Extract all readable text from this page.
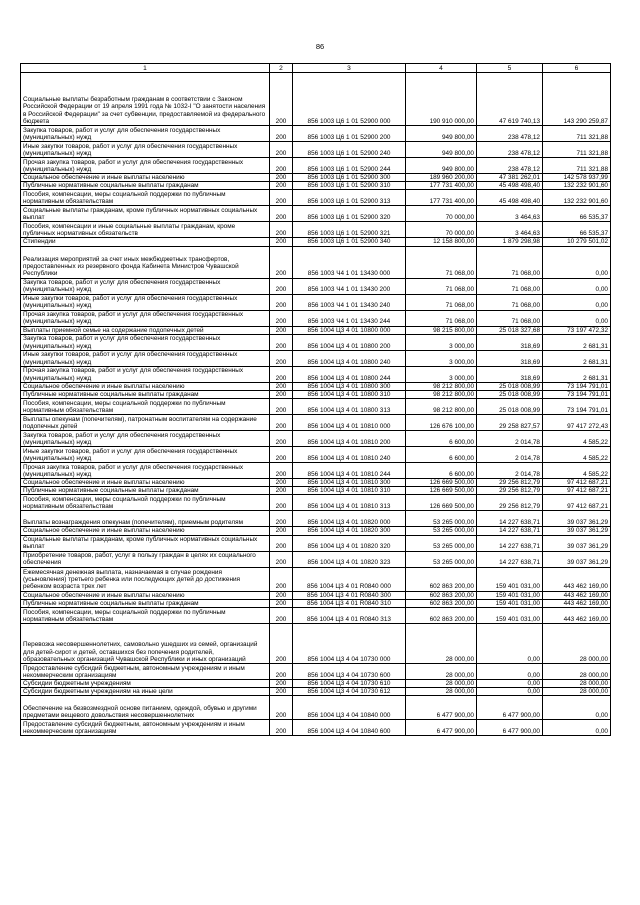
86
1	2	3	4	5	6
Социальные выплаты безработным гражданам в соответствии с Законом Российской Федерации от 19 апреля 1991 года № 1032-I "О занятости населения в Российской Федерации" за счет субвенции, предоставляемой из федерального бюджета	200	856 1003 Ц6 1 01 52900 000	190 910 000,00	47 619 740,13	143 290 259,87
Закупка товаров, работ и услуг для обеспечения государственных (муниципальных) нужд	200	856 1003 Ц6 1 01 52900 200	949 800,00	238 478,12	711 321,88
Иные закупки товаров, работ и услуг для обеспечения государственных (муниципальных) нужд	200	856 1003 Ц6 1 01 52900 240	949 800,00	238 478,12	711 321,88
Прочая закупка товаров, работ и услуг для обеспечения государственных (муниципальных) нужд	200	856 1003 Ц6 1 01 52900 244	949 800,00	238 478,12	711 321,88
Социальное обеспечение и иные выплаты населению	200	856 1003 Ц6 1 01 52900 300	189 960 200,00	47 381 262,01	142 578 937,99
Публичные нормативные социальные выплаты гражданам	200	856 1003 Ц6 1 01 52900 310	177 731 400,00	45 498 498,40	132 232 901,60
Пособия, компенсации, меры социальной поддержки по публичным нормативным обязательствам	200	856 1003 Ц6 1 01 52900 313	177 731 400,00	45 498 498,40	132 232 901,60
Социальные выплаты гражданам, кроме публичных нормативных социальных выплат	200	856 1003 Ц6 1 01 52900 320	70 000,00	3 464,63	66 535,37
Пособия, компенсации и иные социальные выплаты гражданам, кроме публичных нормативных обязательств	200	856 1003 Ц6 1 01 52900 321	70 000,00	3 464,63	66 535,37
Стипендии	200	856 1003 Ц6 1 01 52900 340	12 158 800,00	1 879 298,98	10 279 501,02
Реализация мероприятий за счет иных межбюджетных трансфертов, предоставленных из резервного фонда Кабинета Министров Чувашской Республики	200	856 1003 Ч4 1 01 13430 000	71 068,00	71 068,00	0,00
Закупка товаров, работ и услуг для обеспечения государственных (муниципальных) нужд	200	856 1003 Ч4 1 01 13430 200	71 068,00	71 068,00	0,00
Иные закупки товаров, работ и услуг для обеспечения государственных (муниципальных) нужд	200	856 1003 Ч4 1 01 13430 240	71 068,00	71 068,00	0,00
Прочая закупка товаров, работ и услуг для обеспечения государственных (муниципальных) нужд	200	856 1003 Ч4 1 01 13430 244	71 068,00	71 068,00	0,00
Выплаты приемной семье на содержание подопечных детей	200	856 1004 Ц3 4 01 10800 000	98 215 800,00	25 018 327,68	73 197 472,32
Закупка товаров, работ и услуг для обеспечения государственных (муниципальных) нужд	200	856 1004 Ц3 4 01 10800 200	3 000,00	318,69	2 681,31
Иные закупки товаров, работ и услуг для обеспечения государственных (муниципальных) нужд	200	856 1004 Ц3 4 01 10800 240	3 000,00	318,69	2 681,31
Прочая закупка товаров, работ и услуг для обеспечения государственных (муниципальных) нужд	200	856 1004 Ц3 4 01 10800 244	3 000,00	318,69	2 681,31
Социальное обеспечение и иные выплаты населению	200	856 1004 Ц3 4 01 10800 300	98 212 800,00	25 018 008,99	73 194 791,01
Публичные нормативные социальные выплаты гражданам	200	856 1004 Ц3 4 01 10800 310	98 212 800,00	25 018 008,99	73 194 791,01
Пособия, компенсации, меры социальной поддержки по публичным нормативным обязательствам	200	856 1004 Ц3 4 01 10800 313	98 212 800,00	25 018 008,99	73 194 791,01
Выплаты опекунам (попечителям), патронатным воспитателям на содержание подопечных детей	200	856 1004 Ц3 4 01 10810 000	126 676 100,00	29 258 827,57	97 417 272,43
Закупка товаров, работ и услуг для обеспечения государственных (муниципальных) нужд	200	856 1004 Ц3 4 01 10810 200	6 600,00	2 014,78	4 585,22
Иные закупки товаров, работ и услуг для обеспечения государственных (муниципальных) нужд	200	856 1004 Ц3 4 01 10810 240	6 600,00	2 014,78	4 585,22
Прочая закупка товаров, работ и услуг для обеспечения государственных (муниципальных) нужд	200	856 1004 Ц3 4 01 10810 244	6 600,00	2 014,78	4 585,22
Социальное обеспечение и иные выплаты населению	200	856 1004 Ц3 4 01 10810 300	126 669 500,00	29 256 812,79	97 412 687,21
Публичные нормативные социальные выплаты гражданам	200	856 1004 Ц3 4 01 10810 310	126 669 500,00	29 256 812,79	97 412 687,21
Пособия, компенсации, меры социальной поддержки по публичным нормативным обязательствам	200	856 1004 Ц3 4 01 10810 313	126 669 500,00	29 256 812,79	97 412 687,21
Выплаты вознаграждения опекунам (попечителям), приемным родителям	200	856 1004 Ц3 4 01 10820 000	53 265 000,00	14 227 638,71	39 037 361,29
Социальное обеспечение и иные выплаты населению	200	856 1004 Ц3 4 01 10820 300	53 265 000,00	14 227 638,71	39 037 361,29
Социальные выплаты гражданам, кроме публичных нормативных социальных выплат	200	856 1004 Ц3 4 01 10820 320	53 265 000,00	14 227 638,71	39 037 361,29
Приобретение товаров, работ, услуг в пользу граждан в целях их социального обеспечения	200	856 1004 Ц3 4 01 10820 323	53 265 000,00	14 227 638,71	39 037 361,29
Ежемесячная денежная выплата, назначаемая в случае рождения (усыновления) третьего ребенка или последующих детей до достижения ребенком возраста трех лет	200	856 1004 Ц3 4 01 R0840 000	602 863 200,00	159 401 031,00	443 462 169,00
Социальное обеспечение и иные выплаты населению	200	856 1004 Ц3 4 01 R0840 300	602 863 200,00	159 401 031,00	443 462 169,00
Публичные нормативные социальные выплаты гражданам	200	856 1004 Ц3 4 01 R0840 310	602 863 200,00	159 401 031,00	443 462 169,00
Пособия, компенсации, меры социальной поддержки по публичным нормативным обязательствам	200	856 1004 Ц3 4 01 R0840 313	602 863 200,00	159 401 031,00	443 462 169,00
Перевозка несовершеннолетних, самовольно ушедших из семей, организаций для детей-сирот и детей, оставшихся без попечения родителей, образовательных организаций Чувашской Республики и иных организаций	200	856 1004 Ц3 4 04 10730 000	28 000,00	0,00	28 000,00
Предоставление субсидий бюджетным, автономным учреждениям и иным некоммерческим организациям	200	856 1004 Ц3 4 04 10730 600	28 000,00	0,00	28 000,00
Субсидии бюджетным учреждениям	200	856 1004 Ц3 4 04 10730 610	28 000,00	0,00	28 000,00
Субсидии бюджетным учреждениям на иные цели	200	856 1004 Ц3 4 04 10730 612	28 000,00	0,00	28 000,00
Обеспечение на безвозмездной основе питанием, одеждой, обувью и другими предметами вещевого довольствия несовершеннолетних	200	856 1004 Ц3 4 04 10840 000	6 477 900,00	6 477 900,00	0,00
Предоставление субсидий бюджетным, автономным учреждениям и иным некоммерческим организациям	200	856 1004 Ц3 4 04 10840 600	6 477 900,00	6 477 900,00	0,00
